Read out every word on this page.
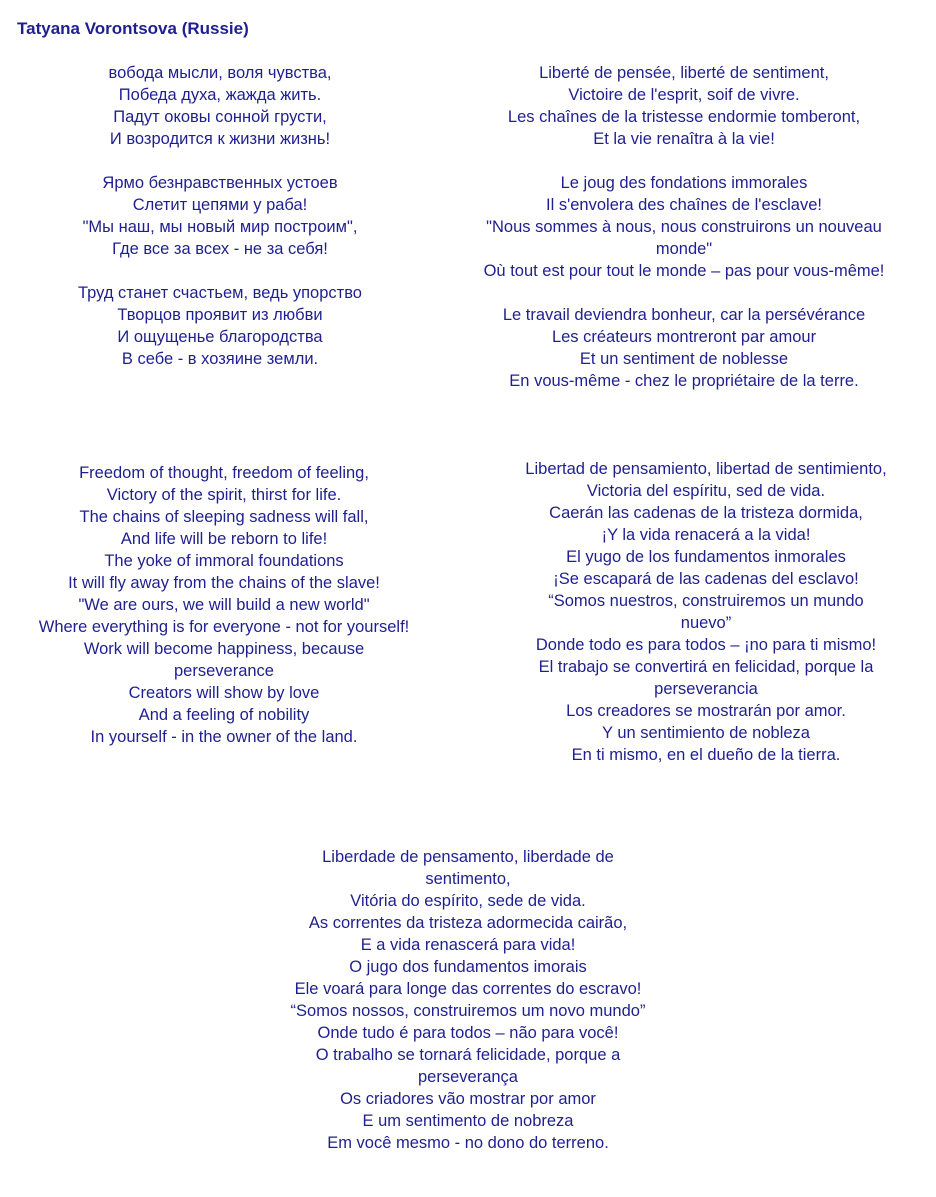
Tatyana Vorontsova (Russie)
вобода мысли, воля чувства,
Победа духа, жажда жить.
Падут оковы сонной грусти,
И возродится к жизни жизнь!
Ярмо безнравственных устоев
Слетит цепями у раба!
"Мы наш, мы новый мир построим",
Где все за всех - не за себя!
Труд станет счастьем, ведь упорство
Творцов проявит из любви
И ощущенье благородства
В себе - в хозяине земли.
Liberté de pensée, liberté de sentiment,
Victoire de l'esprit, soif de vivre.
Les chaînes de la tristesse endormie tomberont,
Et la vie renaîtra à la vie!
Le joug des fondations immorales
Il s'envolera des chaînes de l'esclave!
"Nous sommes à nous, nous construirons un nouveau
monde"
Où tout est pour tout le monde – pas pour vous-même!
Le travail deviendra bonheur, car la persévérance
Les créateurs montreront par amour
Et un sentiment de noblesse
En vous-même - chez le propriétaire de la terre.
Freedom of thought, freedom of feeling,
Victory of the spirit, thirst for life.
The chains of sleeping sadness will fall,
And life will be reborn to life!
The yoke of immoral foundations
It will fly away from the chains of the slave!
"We are ours, we will build a new world"
Where everything is for everyone - not for yourself!
Work will become happiness, because
perseverance
Creators will show by love
And a feeling of nobility
In yourself - in the owner of the land.
Libertad de pensamiento, libertad de sentimiento,
Victoria del espíritu, sed de vida.
Caerán las cadenas de la tristeza dormida,
¡Y la vida renacerá a la vida!
El yugo de los fundamentos inmorales
¡Se escapará de las cadenas del esclavo!
“Somos nuestros, construiremos un mundo
nuevo”
Donde todo es para todos – ¡no para ti mismo!
El trabajo se convertirá en felicidad, porque la
perseverancia
Los creadores se mostrarán por amor.
Y un sentimiento de nobleza
En ti mismo, en el dueño de la tierra.
Liberdade de pensamento, liberdade de
sentimento,
Vitória do espírito, sede de vida.
As correntes da tristeza adormecida cairão,
E a vida renascerá para vida!
O jugo dos fundamentos imorais
Ele voará para longe das correntes do escravo!
“Somos nossos, construiremos um novo mundo”
Onde tudo é para todos – não para você!
O trabalho se tornará felicidade, porque a
perseverança
Os criadores vão mostrar por amor
E um sentimento de nobreza
Em você mesmo - no dono do terreno.
